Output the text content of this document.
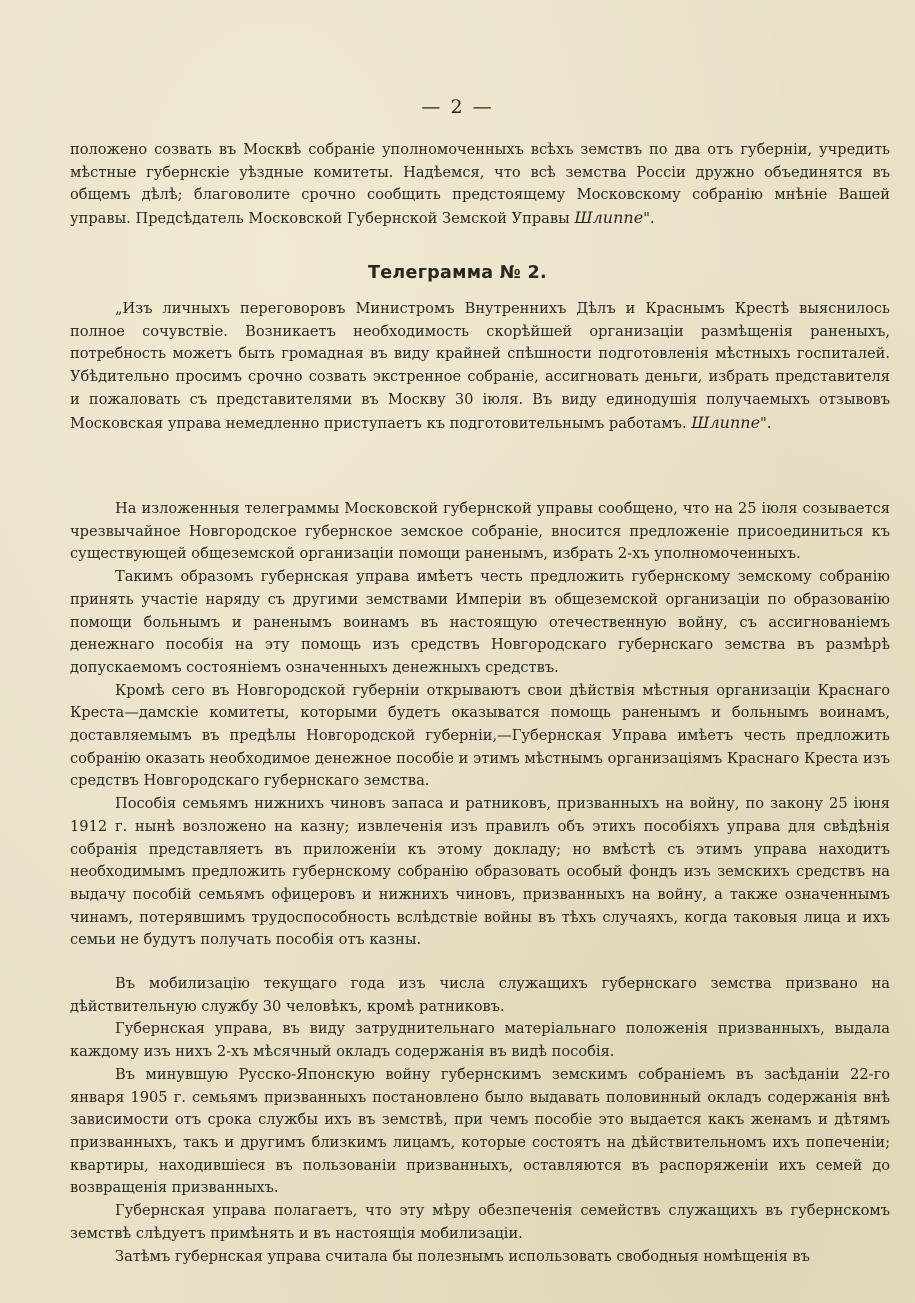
— 2 —

положено созвать въ Москвѣ собраніе уполномоченныхъ всѣхъ земствъ по два отъ губерніи, учредить мѣстные губернскіе уѣздные комитеты. Надѣемся, что всѣ земства Россіи дружно объединятся въ общемъ дѣлѣ; благоволите срочно сообщить предстоящему Московскому собранію мнѣніе Вашей управы. Предсѣдатель Московской Губернской Земской Управы Шлиппе".

Телеграмма № 2.

„Изъ личныхъ переговоровъ Министромъ Внутреннихъ Дѣлъ и Краснымъ Крестѣ выяснилось полное сочувствіе. Возникаетъ необходимость скорѣйшей организаціи размѣщенія раненыхъ, потребность можетъ быть громадная въ виду крайней спѣшности подготовленія мѣстныхъ госпиталей. Убѣдительно просимъ срочно созвать экстренное собраніе, ассигновать деньги, избрать представителя и пожаловать съ представителями въ Москву 30 іюля. Въ виду единодушія получаемыхъ отзывовъ Московская управа немедленно приступаетъ къ подготовительнымъ работамъ. Шлиппе".

На изложенныя телеграммы Московской губернской управы сообщено, что на 25 іюля созывается чрезвычайное Новгородское губернское земское собраніе, вносится предложеніе присоединиться къ существующей общеземской организаціи помощи раненымъ, избрать 2-хъ уполномоченныхъ.

Такимъ образомъ губернская управа имѣетъ честь предложить губернскому земскому собранію принять участіе наряду съ другими земствами Имперіи въ общеземской организаціи по образованію помощи больнымъ и раненымъ воинамъ въ настоящую отечественную войну, съ ассигнованіемъ денежнаго пособія на эту помощь изъ средствъ Новгородскаго губернскаго земства въ размѣрѣ допускаемомъ состояніемъ означенныхъ денежныхъ средствъ.

Кромѣ сего въ Новгородской губерніи открываютъ свои дѣйствія мѣстныя организаціи Краснаго Креста—дамскіе комитеты, которыми будетъ оказыватся помощь раненымъ и больнымъ воинамъ, доставляемымъ въ предѣлы Новгородской губерніи,—Губернская Управа имѣетъ честь предложить собранію оказать необходимое денежное пособіе и этимъ мѣстнымъ организаціямъ Краснаго Креста изъ средствъ Новгородскаго губернскаго земства.

Пособія семьямъ нижнихъ чиновъ запаса и ратниковъ, призванныхъ на войну, по закону 25 іюня 1912 г. нынѣ возложено на казну; извлеченія изъ правилъ объ этихъ пособіяхъ управа для свѣдѣнія собранія представляетъ въ приложеніи къ этому докладу; но вмѣстѣ съ этимъ управа находитъ необходимымъ предложить губернскому собранію образовать особый фондъ изъ земскихъ средствъ на выдачу пособій семьямъ офицеровъ и нижнихъ чиновъ, призванныхъ на войну, а также означеннымъ чинамъ, потерявшимъ трудоспособность вслѣдствіе войны въ тѣхъ случаяхъ, когда таковыя лица и ихъ семьи не будутъ получать пособія отъ казны.

Въ мобилизацію текущаго года изъ числа служащихъ губернскаго земства призвано на дѣйствительную службу 30 человѣкъ, кромѣ ратниковъ.

Губернская управа, въ виду затруднительнаго матеріальнаго положенія призванныхъ, выдала каждому изъ нихъ 2-хъ мѣсячный окладъ содержанія въ видѣ пособія.

Въ минувшую Русско-Японскую войну губернскимъ земскимъ собраніемъ въ засѣданіи 22-го января 1905 г. семьямъ призванныхъ постановлено было выдавать половинный окладъ содержанія внѣ зависимости отъ срока службы ихъ въ земствѣ, при чемъ пособіе это выдается какъ женамъ и дѣтямъ призванныхъ, такъ и другимъ близкимъ лицамъ, которые состоятъ на дѣйствительномъ ихъ попеченіи; квартиры, находившіеся въ пользованіи призванныхъ, оставляются въ распоряженіи ихъ семей до возвращенія призванныхъ.

Губернская управа полагаетъ, что эту мѣру обезпеченія семействъ служащихъ въ губернскомъ земствѣ слѣдуетъ примѣнять и въ настоящія мобилизаціи.

Затѣмъ губернская управа считала бы полезнымъ использовать свободныя номѣщенія въ
